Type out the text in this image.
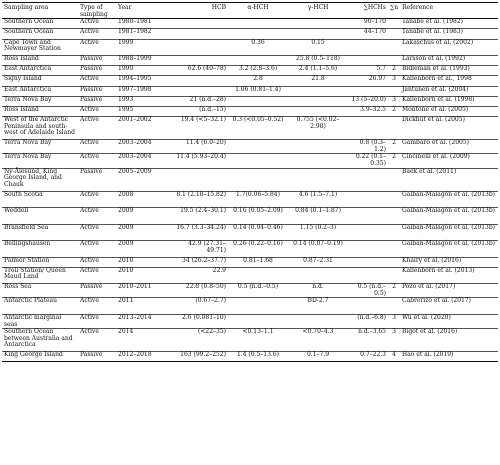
Sampling area	Type of sampling	Year	HCB	α-HCH	γ-HCH	∑HCHs	∑n	Reference
Southern Ocean	Active	1980–1981				90–170		Tanabe et al. (1982)
Southern Ocean	Active	1981–1982				44–170		Tanabe et al. (1983)
Cape Town and Newmayer Station	Active	1999		0.36	0.15			Lakaschus et al. (2002)
Ross Island	Passive	1988–1999			25.8 (0.5–118)			Larsson et al. (1992)
East Antarctica	Passive	1990	62.6 (40–78)	3.2 (2.8–3.6)	2.4 (1.1–5.6)	5.7	2	Bidleman et al. (1993)
Signy Island	Active	1994–1995		2.8	21.8	26.97	3	Kallenborn et al., 1998
East Antarctica	Passive	1997–1998		1.06 (0.81–1.4)				Jantunen et al. (2004)
Terra Nova Bay	Passive	1993	21 (n.d.–28)			13 (5–20.0)	3	Kallenborn et al. (1998)
Ross Island	Active	1995	(n.d.–15)			3.9–32.5	2	Montone et al. (2005)
West of the Antarctic Peninsula and south-west of Adelaide Island	Active	2001–2002	19.4 (<5–32.1)	0.3 (<0.05–0.52)	0.755 (<0.02–2.98)			Dickhut et al. (2005)
Terra Nova Bay	Active	2003–2004	11.4 (6.0–20)			0.8 (0.3–1.2)	2	Gambaro et al. (2005)
Terra Nova Bay	Active	2003–2004	11.4 (5.93–20.4)			0.22 (0.1–0.35)	2	Cincinelli et al. (2009)
Ny-Ålesund, King George Island, and Chauk	Passive	2005–2009						Baek et al. (2011)
South Scotia	Active	2008	8.1 (2.18–15.82)	1.7(0.06–5.84)	4.6 (1.5–7.1)			Galbán-Malagón et al. (2013b)
Weddell	Active	2009	19.5 (2.4–30.1)	0.16 (0.05–2.09)	0.84 (0.1–1.87)			Galbán-Malagón et al. (2013b)
Bransfield Sea	Active	2009	16.7 (3.3–34.24)	0.14 (0.04–0.46)	1.15 (0.2–3)			Galbán-Malagón et al. (2013b)
Bellingshausen	Active	2009	42.9 (27.31–49.71)	0.26 (0.22–0.16)	0.14 (0.07–0.19)			Galbán-Malagón et al. (2013b)
Palmer Station	Active	2010	34 (26.2–37.7)	0.81–1.68	0.87–2.31			Khairy et al. (2016)
Troll Station/ Queen Maud Land	Active	2010	22.9					Kallenborn et al. (2013)
Ross Sea	Passive	2010–2011	22.8 (0.8–50)	0.5 (n.d.–0.5)	n.d.	0.5 (n.d.–0.5)	2	Pozo et al. (2017)
Antarctic Plateau	Active	2011	(0.67–2.7)		BD-2.7			Cabrerizo et al. (2017)
Antarctic marginal seas	Active	2013–2014	2.6 (0.081–10)			(n.d.–6.8)	3	Wu et al. (2020)
Southern Ocean between Australia and Antarctica	Active	2014	(<22–35)	<0.13–1.1	<0.70–4.3	n.d.–3.65	3	Bigot et al. (2016)
King George Island	Passive	2012–2018	163 (99.2–252)	1.4 (0.5–13.6)	0.1–7.9	0.7–22.3	4	Hao et al. (2019)
